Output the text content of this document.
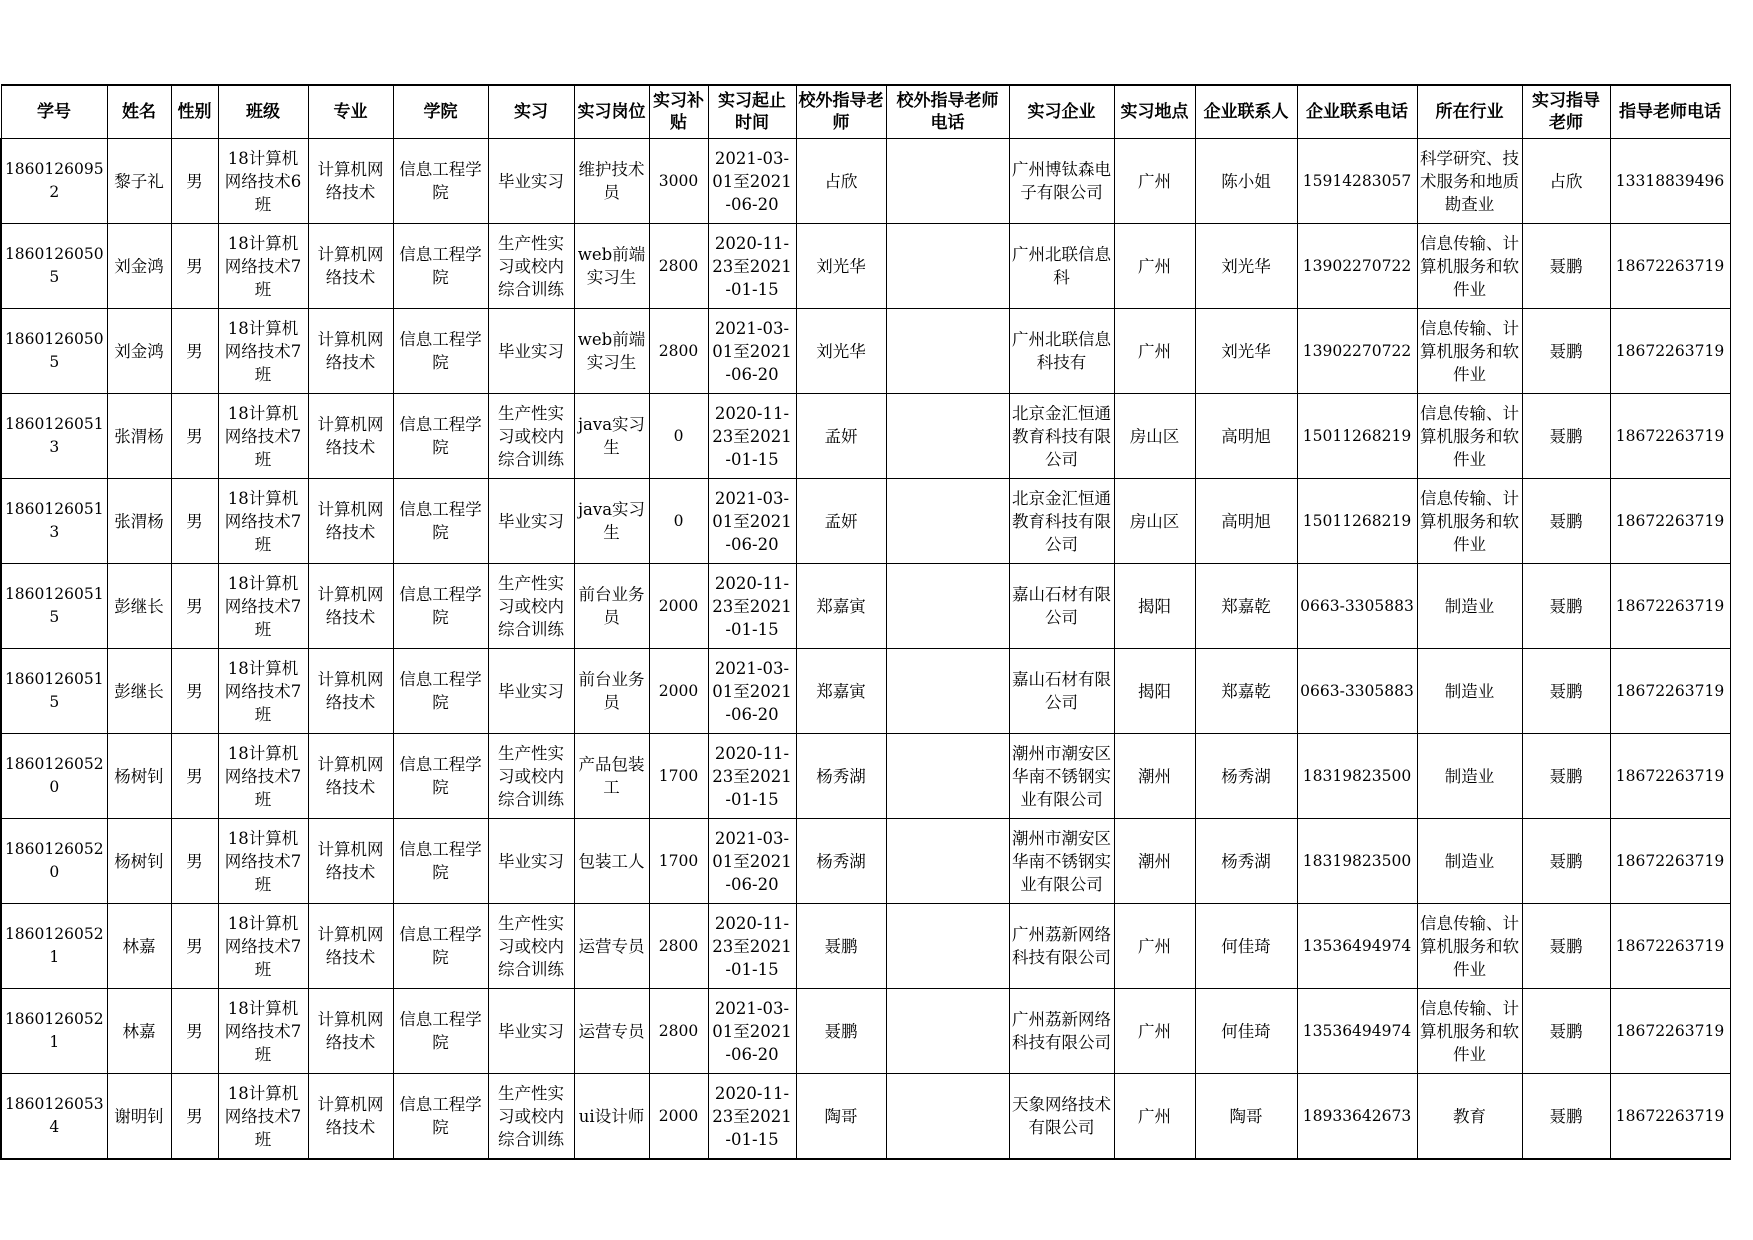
学号	姓名	性别	班级	专业	学院	实习	实习岗位	实习补贴	实习起止时间	校外指导老师	校外指导老师电话	实习企业	实习地点	企业联系人	企业联系电话	所在行业	实习指导老师	指导老师电话

18601260952	黎子礼	男	18计算机网络技术6班	计算机网络技术	信息工程学院	毕业实习	维护技术员	3000	2021-03-01至2021-06-20	占欣		广州博钛森电子有限公司	广州	陈小姐	15914283057	科学研究、技术服务和地质勘查业	占欣	13318839496

18601260505	刘金鸿	男	18计算机网络技术7班	计算机网络技术	信息工程学院	生产性实习或校内综合训练	web前端实习生	2800	2020-11-23至2021-01-15	刘光华		广州北联信息科	广州	刘光华	13902270722	信息传输、计算机服务和软件业	聂鹏	18672263719

18601260505	刘金鸿	男	18计算机网络技术7班	计算机网络技术	信息工程学院	毕业实习	web前端实习生	2800	2021-03-01至2021-06-20	刘光华		广州北联信息科技有	广州	刘光华	13902270722	信息传输、计算机服务和软件业	聂鹏	18672263719

18601260513	张渭杨	男	18计算机网络技术7班	计算机网络技术	信息工程学院	生产性实习或校内综合训练	java实习生	0	2020-11-23至2021-01-15	孟妍		北京金汇恒通教育科技有限公司	房山区	高明旭	15011268219	信息传输、计算机服务和软件业	聂鹏	18672263719

18601260513	张渭杨	男	18计算机网络技术7班	计算机网络技术	信息工程学院	毕业实习	java实习生	0	2021-03-01至2021-06-20	孟妍		北京金汇恒通教育科技有限公司	房山区	高明旭	15011268219	信息传输、计算机服务和软件业	聂鹏	18672263719

18601260515	彭继长	男	18计算机网络技术7班	计算机网络技术	信息工程学院	生产性实习或校内综合训练	前台业务员	2000	2020-11-23至2021-01-15	郑嘉寅		嘉山石材有限公司	揭阳	郑嘉乾	0663-3305883	制造业	聂鹏	18672263719

18601260515	彭继长	男	18计算机网络技术7班	计算机网络技术	信息工程学院	毕业实习	前台业务员	2000	2021-03-01至2021-06-20	郑嘉寅		嘉山石材有限公司	揭阳	郑嘉乾	0663-3305883	制造业	聂鹏	18672263719

18601260520	杨树钊	男	18计算机网络技术7班	计算机网络技术	信息工程学院	生产性实习或校内综合训练	产品包装工	1700	2020-11-23至2021-01-15	杨秀湖		潮州市潮安区华南不锈钢实业有限公司	潮州	杨秀湖	18319823500	制造业	聂鹏	18672263719

18601260520	杨树钊	男	18计算机网络技术7班	计算机网络技术	信息工程学院	毕业实习	包装工人	1700	2021-03-01至2021-06-20	杨秀湖		潮州市潮安区华南不锈钢实业有限公司	潮州	杨秀湖	18319823500	制造业	聂鹏	18672263719

18601260521	林嘉	男	18计算机网络技术7班	计算机网络技术	信息工程学院	生产性实习或校内综合训练	运营专员	2800	2020-11-23至2021-01-15	聂鹏		广州荔新网络科技有限公司	广州	何佳琦	13536494974	信息传输、计算机服务和软件业	聂鹏	18672263719

18601260521	林嘉	男	18计算机网络技术7班	计算机网络技术	信息工程学院	毕业实习	运营专员	2800	2021-03-01至2021-06-20	聂鹏		广州荔新网络科技有限公司	广州	何佳琦	13536494974	信息传输、计算机服务和软件业	聂鹏	18672263719

18601260534	谢明钊	男	18计算机网络技术7班	计算机网络技术	信息工程学院	生产性实习或校内综合训练	ui设计师	2000	2020-11-23至2021-01-15	陶哥		天象网络技术有限公司	广州	陶哥	18933642673	教育	聂鹏	18672263719
